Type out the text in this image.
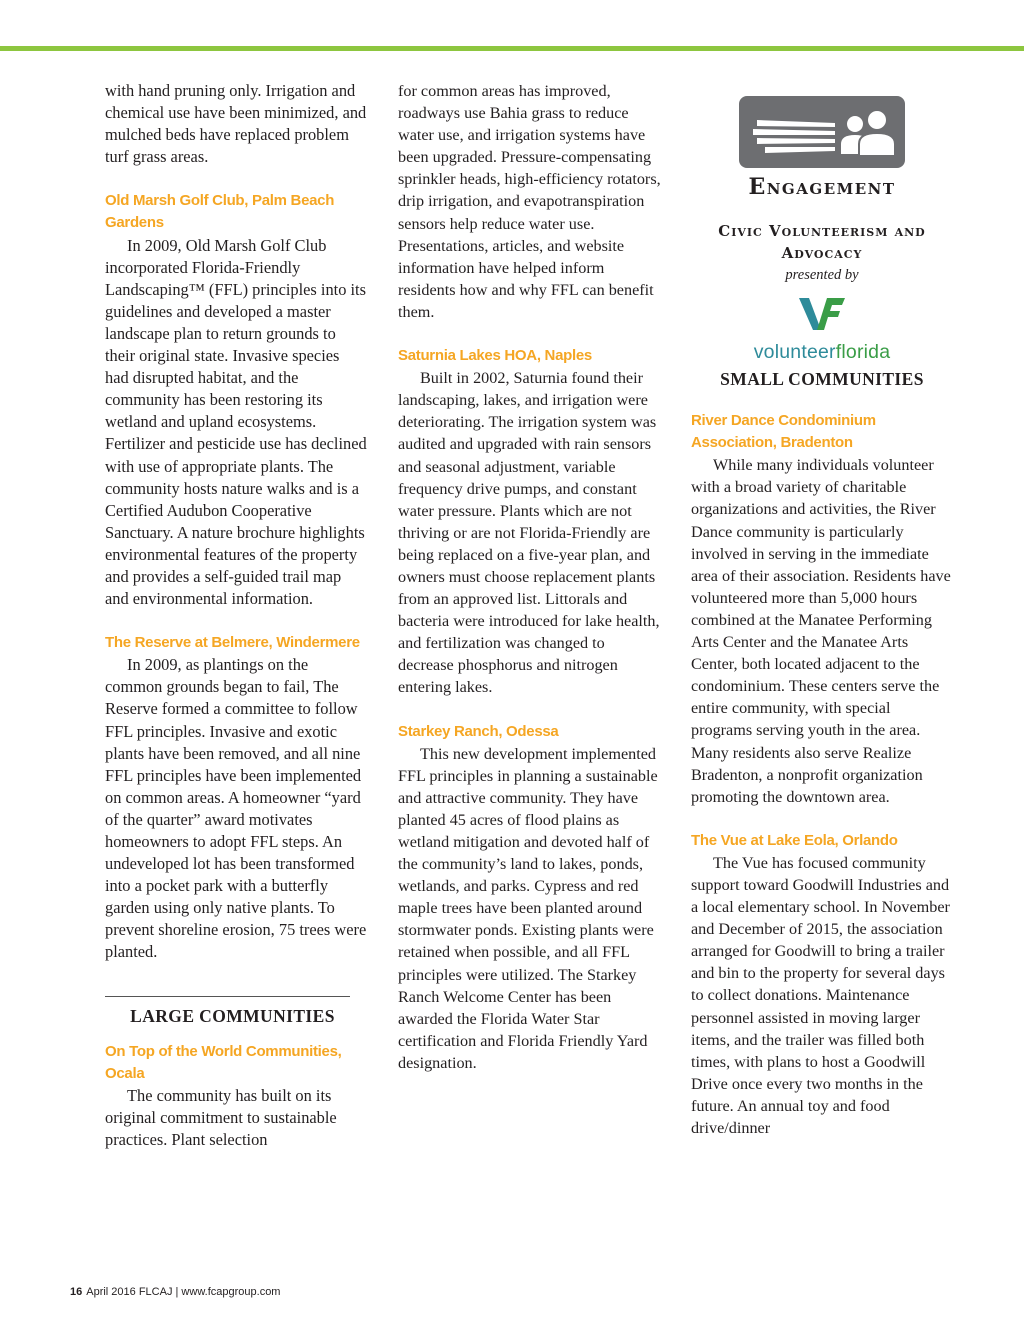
with hand pruning only. Irrigation and chemical use have been minimized, and mulched beds have replaced problem turf grass areas.

Old Marsh Golf Club, Palm Beach Gardens

In 2009, Old Marsh Golf Club incorporated Florida-Friendly Landscaping™ (FFL) principles into its guidelines and developed a master landscape plan to return grounds to their original state. Invasive species had disrupted habitat, and the community has been restoring its wetland and upland ecosystems. Fertilizer and pesticide use has declined with use of appropriate plants. The community hosts nature walks and is a Certified Audubon Cooperative Sanctuary. A nature brochure highlights environmental features of the property and provides a self-guided trail map and environmental information.

The Reserve at Belmere, Windermere

In 2009, as plantings on the common grounds began to fail, The Reserve formed a committee to follow FFL principles. Invasive and exotic plants have been removed, and all nine FFL principles have been implemented on common areas. A homeowner “yard of the quarter” award motivates homeowners to adopt FFL steps. An undeveloped lot has been transformed into a pocket park with a butterfly garden using only native plants. To prevent shoreline erosion, 75 trees were planted.

LARGE COMMUNITIES
On Top of the World Communities, Ocala

The community has built on its original commitment to sustainable practices. Plant selection

for common areas has improved, roadways use Bahia grass to reduce water use, and irrigation systems have been upgraded. Pressure-compensating sprinkler heads, high-efficiency rotators, drip irrigation, and evapotranspiration sensors help reduce water use. Presentations, articles, and website information have helped inform residents how and why FFL can benefit them.

Saturnia Lakes HOA, Naples

Built in 2002, Saturnia found their landscaping, lakes, and irrigation were deteriorating. The irrigation system was audited and upgraded with rain sensors and seasonal adjustment, variable frequency drive pumps, and constant water pressure. Plants which are not thriving or are not Florida-Friendly are being replaced on a five-year plan, and owners must choose replacement plants from an approved list. Littorals and bacteria were introduced for lake health, and fertilization was changed to decrease phosphorus and nitrogen entering lakes.

Starkey Ranch, Odessa

This new development implemented FFL principles in planning a sustainable and attractive community. They have planted 45 acres of flood plains as wetland mitigation and devoted half of the community’s land to lakes, ponds, wetlands, and parks. Cypress and red maple trees have been planted around stormwater ponds. Existing plants were retained when possible, and all FFL principles were utilized. The Starkey Ranch Welcome Center has been awarded the Florida Water Star certification and Florida Friendly Yard designation.

Engagement
Civic Volunteerism and Advocacy
presented by
volunteerflorida
SMALL COMMUNITIES
River Dance Condominium Association, Bradenton

While many individuals volunteer with a broad variety of charitable organizations and activities, the River Dance community is particularly involved in serving in the immediate area of their association. Residents have volunteered more than 5,000 hours combined at the Manatee Performing Arts Center and the Manatee Arts Center, both located adjacent to the condominium. These centers serve the entire community, with special programs serving youth in the area. Many residents also serve Realize Bradenton, a nonprofit organization promoting the downtown area.

The Vue at Lake Eola, Orlando

The Vue has focused community support toward Goodwill Industries and a local elementary school. In November and December of 2015, the association arranged for Goodwill to bring a trailer and bin to the property for several days to collect donations. Maintenance personnel assisted in moving larger items, and the trailer was filled both times, with plans to host a Goodwill Drive once every two months in the future. An annual toy and food drive/dinner

16 April 2016 FLCAJ | www.fcapgroup.com
